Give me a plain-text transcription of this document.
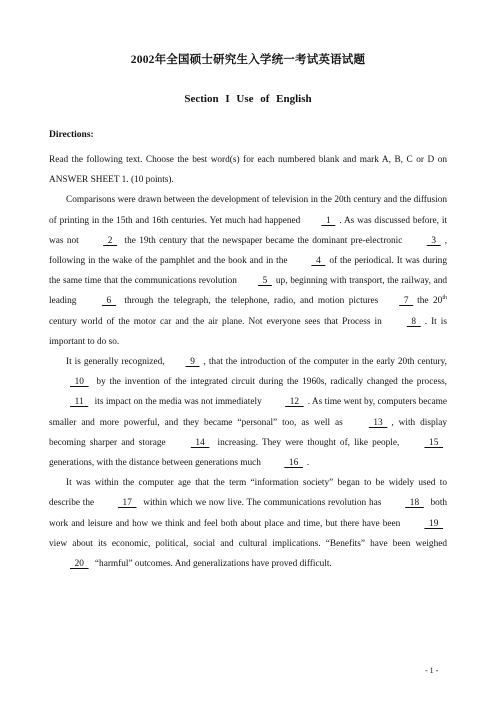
2002年全国硕士研究生入学统一考试英语试题
Section I Use of English
Directions:

Read the following text. Choose the best word(s) for each numbered blank and mark A, B, C or D on ANSWER SHEET 1. (10 points).

Comparisons were drawn between the development of television in the 20th century and the diffusion of printing in the 15th and 16th centuries. Yet much had happened  1  . As was discussed before, it was not	2   the 19th century that the newspaper became the dominant pre-electronic	3  , following in the wake of the pamphlet and the book and in the	4  of the periodical. It was during the same time that the communications revolution  5  up, beginning with transport, the railway, and leading	6   through the telegraph, the telephone, radio, and motion pictures  7  the 20th century world of the motor car and the air plane. Not everyone sees that Process in	8  . It is important to do so.

It is generally recognized,  9  , that the introduction of the computer in the early 20th century,   10   by the invention of the integrated circuit during the 1960s, radically changed the process,   11   its impact on the media was not immediately	12  . As time went by, computers became smaller and more powerful, and they became “personal” too, as well as	13  , with display becoming sharper and storage	14   increasing. They were thought of, like people,	15   generations, with the distance between generations much	16  .

It was within the computer age that the term “information society” began to be widely used to describe the	17   within which we now live. The communications revolution has	18   both work and leisure and how we think and feel both about place and time, but there have been	19   view about its economic, political, social and cultural implications. “Benefits” have been weighed   20   “harmful” outcomes. And generalizations have proved difficult.

- 1 -
